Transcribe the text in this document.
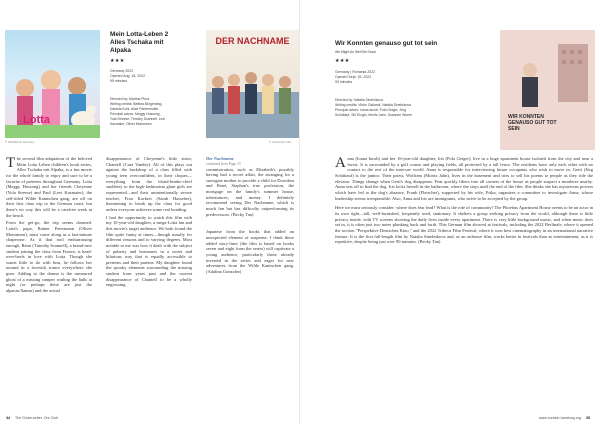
Lotta
© Wild Bunch Germany
Mein Lotta-Leben 2
Alles Tschaka mit
Alpaka
★★★
Germany 2022
Opened Aug. 18, 2022
95 minutes
Directed by: Martina Plura
Writing credits: Bettina Börgerding,
Daniela Kohl, Alice Pantermuller
Principal actors: Meggy Hussong,
Yola Streese, Timothy Scannell, Levi
Kazmaier, Oliver Mommsen

The second film adaptation of the beloved Mein Lotta Leben children's book series, Alles Tschaka mit Alpaka, is a fun movie for the whole family to enjoy and sure to be a favorite of preteens throughout Germany. Lotta (Meggy Hussong) and her friends Cheyenne (Yola Streese) and Paul (Levi Kazmaier), the self-titled Wilde Kaninchen gang, are off on their first class trip to the German coast, but there's no way this will be a carefree week at the beach.

From the get-go, the trip seems doomed. Lotta's papa, Rainer Petermann (Oliver Mommsen), must come along as a last-minute chaperone. As if that isn't embarrassing enough, Rémi (Timothy Scannell), a brand-new student joining the class from France, is head-over-heels in love with Lotta. Though she wants little to do with him, he follows her around in a lovesick trance everywhere she goes. Adding to the drama is the rumoured ghost of a missing camper wailing the halls at night (or perhaps these are just the alpacas/llamas) and the actual

disappearance of Cheyenne's little sister, Chantell (Cara Vandey). All of this plays out against the backdrop of a class filled with young teen overconfident, in their cliques—everything from the blond-bimbo-chief snobbery to the high-fashionista glam girls are represented—and their unintentionally severe teacher, Frau Kackert (Sarah Hasseber), threatening to break up the class for good unless everyone achieves some real bonding.

I had the opportunity to watch this film with my 10-year-old daughter, a mega-Lotta fan and this movie's target audience. We both found the film quite funny at times—though usually for different reasons and to varying degrees. Most notable to me was how it dealt with the subject of puberty and hormones in a sweet and hilarious way that is equally accessible to preteens and their parents. My daughter found the spooky elements surrounding the missing student from years past and the current disappearance of Chantell to be a wholly engrossing

Der Nachname
continued from Page 33

commiseration, such as Elisabeth's possibly having had a secret affair, the arranging for a surrogate mother to provide a child for Dorothea and René, Stephan's true profession, the mortgage on the family's summer house, inheritances, and money. I definitely recommend seeing Der Nachname, which is much fun but has difficulty outperforming its predecessors. (Becky Tan)

Japanese from the books that added an unexpected element of suspense. I think these added story-lines (the film is based on books seven and eight from the series) will captivate a young audience, particularly those already invested in the series and eager for new adventures from the Wilde Kaninchen gang. (Adalina Gonzalez)

34 The Globe-setter, Our Club
DER NACHNAME
© Constantin Film
Wir Konnten genauso gut tot sein
We Might As Well Be Dead
★★★
Germany | Romania 2022
Opened Sept. 29, 2022
93 minutes
Directed by: Natalia Sinelnikova
Writing credits: Viktor Gallandi, Natalia Sinelnikova
Principal actors: Ioana Iacob, Pola Geiger, Jörg
Schüttauf, Siir Eloglu, Moritz Jahn, Susanne Wuest	WIR KONNTEN GENAUSO GUT TOT SEIN

Anna (Ioana Iacob) and her 16-year-old daughter, Iris (Pola Geiger), live in a huge apartment house isolated from the city and near a forest. It is surrounded by a golf course and playing fields, all protected by a tall fence. The residents have only each other with no contact to the rest of the insecure world. Anna is responsible for interviewing future occupants who wish to move in. Gerti (Jörg Schüttauf) is the janitor. Their priest, Wolfram (Moritz Jahn), lives in the basement and tries to sell his poems to people as they ride the elevator. Things change when Gerti's dog disappears. Fear quickly filters into all corners of the house as people suspect a murderer nearby. Anna sets off to find the dog. Iris locks herself in the bathroom, where she stays until the end of the film. She thinks she has mysterious powers which have led to the dog's absence. Frank (Fleischer), supported by his wife, Erika, organizes a committee to investigate Anna, whose leadership seems irresponsible. Also, Anna and Iris are immigrants, who strive to be accepted by the group.

Here we must seriously consider: where does fear lead? What is the role of community? The Phoebus Apartment House seems to be an actor in its own right—tall, well-furnished, frequently used, stationary. It shelters a group seeking privacy from the world, although there is little privacy inside, with TV screens showing the daily lives inside every apartment. There is very little background music, and when music does set in, it is often just two notes plunking back and forth. This German film showed at festivals, including the 2022 Berlinale, where it opened the section "Perspektive Deutsches Kino," and the 2022 Tribeca Film Festival, where it won best cinematography in an international narrative feature. It is the first full-length film by Natalia Sinelnikova and, as an arthouse film, works better in festivals than as entertainment, as it is repetitive, despite being just over 90 minutes. (Becky Tan)

www.ourclub-hamburg.org 35
